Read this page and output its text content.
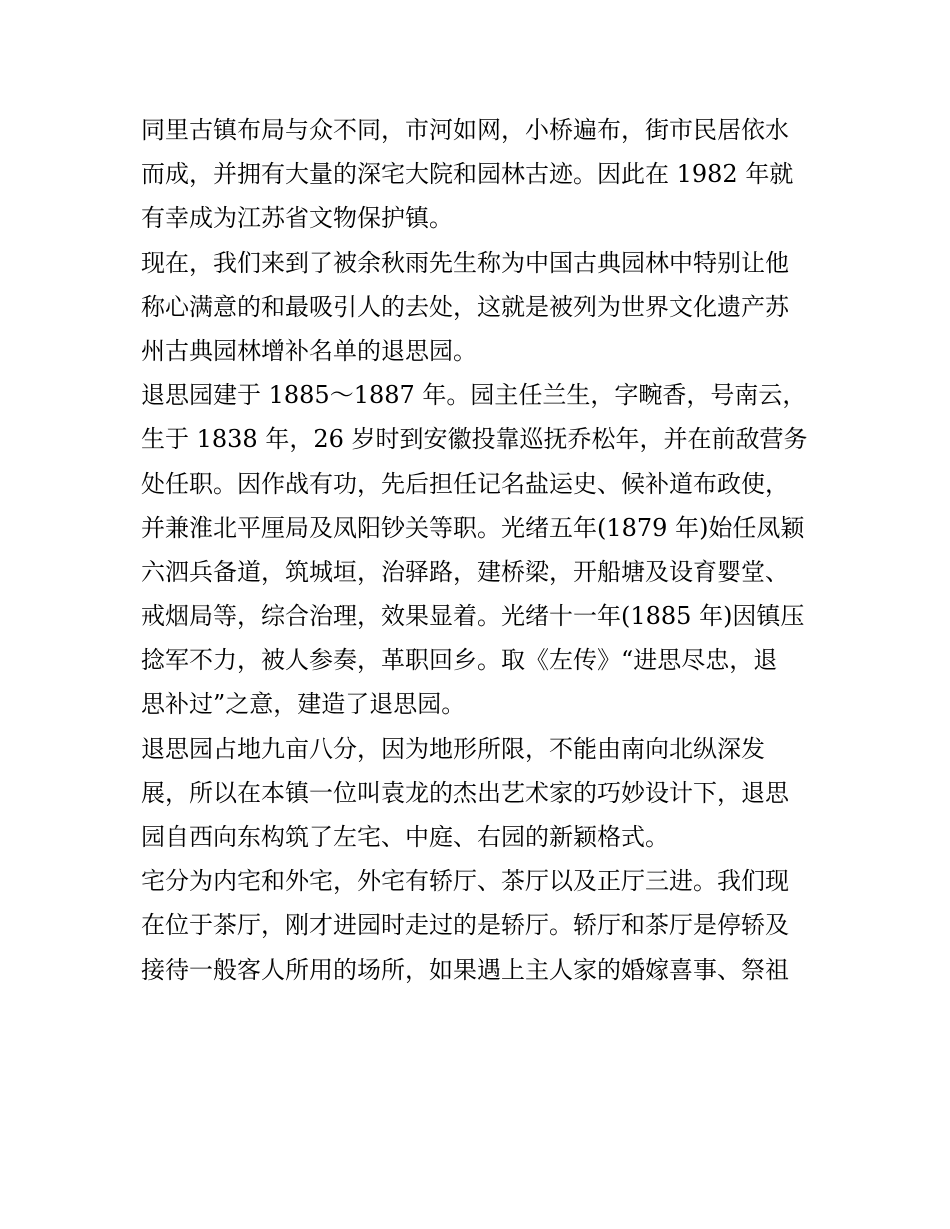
同里古镇布局与众不同，市河如网，小桥遍布，街市民居依水
而成，并拥有大量的深宅大院和园林古迹。因此在 1982 年就
有幸成为江苏省文物保护镇。
现在，我们来到了被余秋雨先生称为中国古典园林中特别让他
称心满意的和最吸引人的去处，这就是被列为世界文化遗产苏
州古典园林增补名单的退思园。
退思园建于 1885～1887 年。园主任兰生，字畹香，号南云，
生于 1838 年，26 岁时到安徽投靠巡抚乔松年，并在前敌营务
处任职。因作战有功，先后担任记名盐运史、候补道布政使，
并兼淮北平厘局及凤阳钞关等职。光绪五年(1879 年)始任凤颖
六泗兵备道，筑城垣，治驿路，建桥梁，开船塘及设育婴堂、
戒烟局等，综合治理，效果显着。光绪十一年(1885 年)因镇压
捻军不力，被人参奏，革职回乡。取《左传》“进思尽忠，退
思补过”之意，建造了退思园。
退思园占地九亩八分，因为地形所限，不能由南向北纵深发
展，所以在本镇一位叫袁龙的杰出艺术家的巧妙设计下，退思
园自西向东构筑了左宅、中庭、右园的新颖格式。
宅分为内宅和外宅，外宅有轿厅、茶厅以及正厅三进。我们现
在位于茶厅，刚才进园时走过的是轿厅。轿厅和茶厅是停轿及
接待一般客人所用的场所，如果遇上主人家的婚嫁喜事、祭祖
